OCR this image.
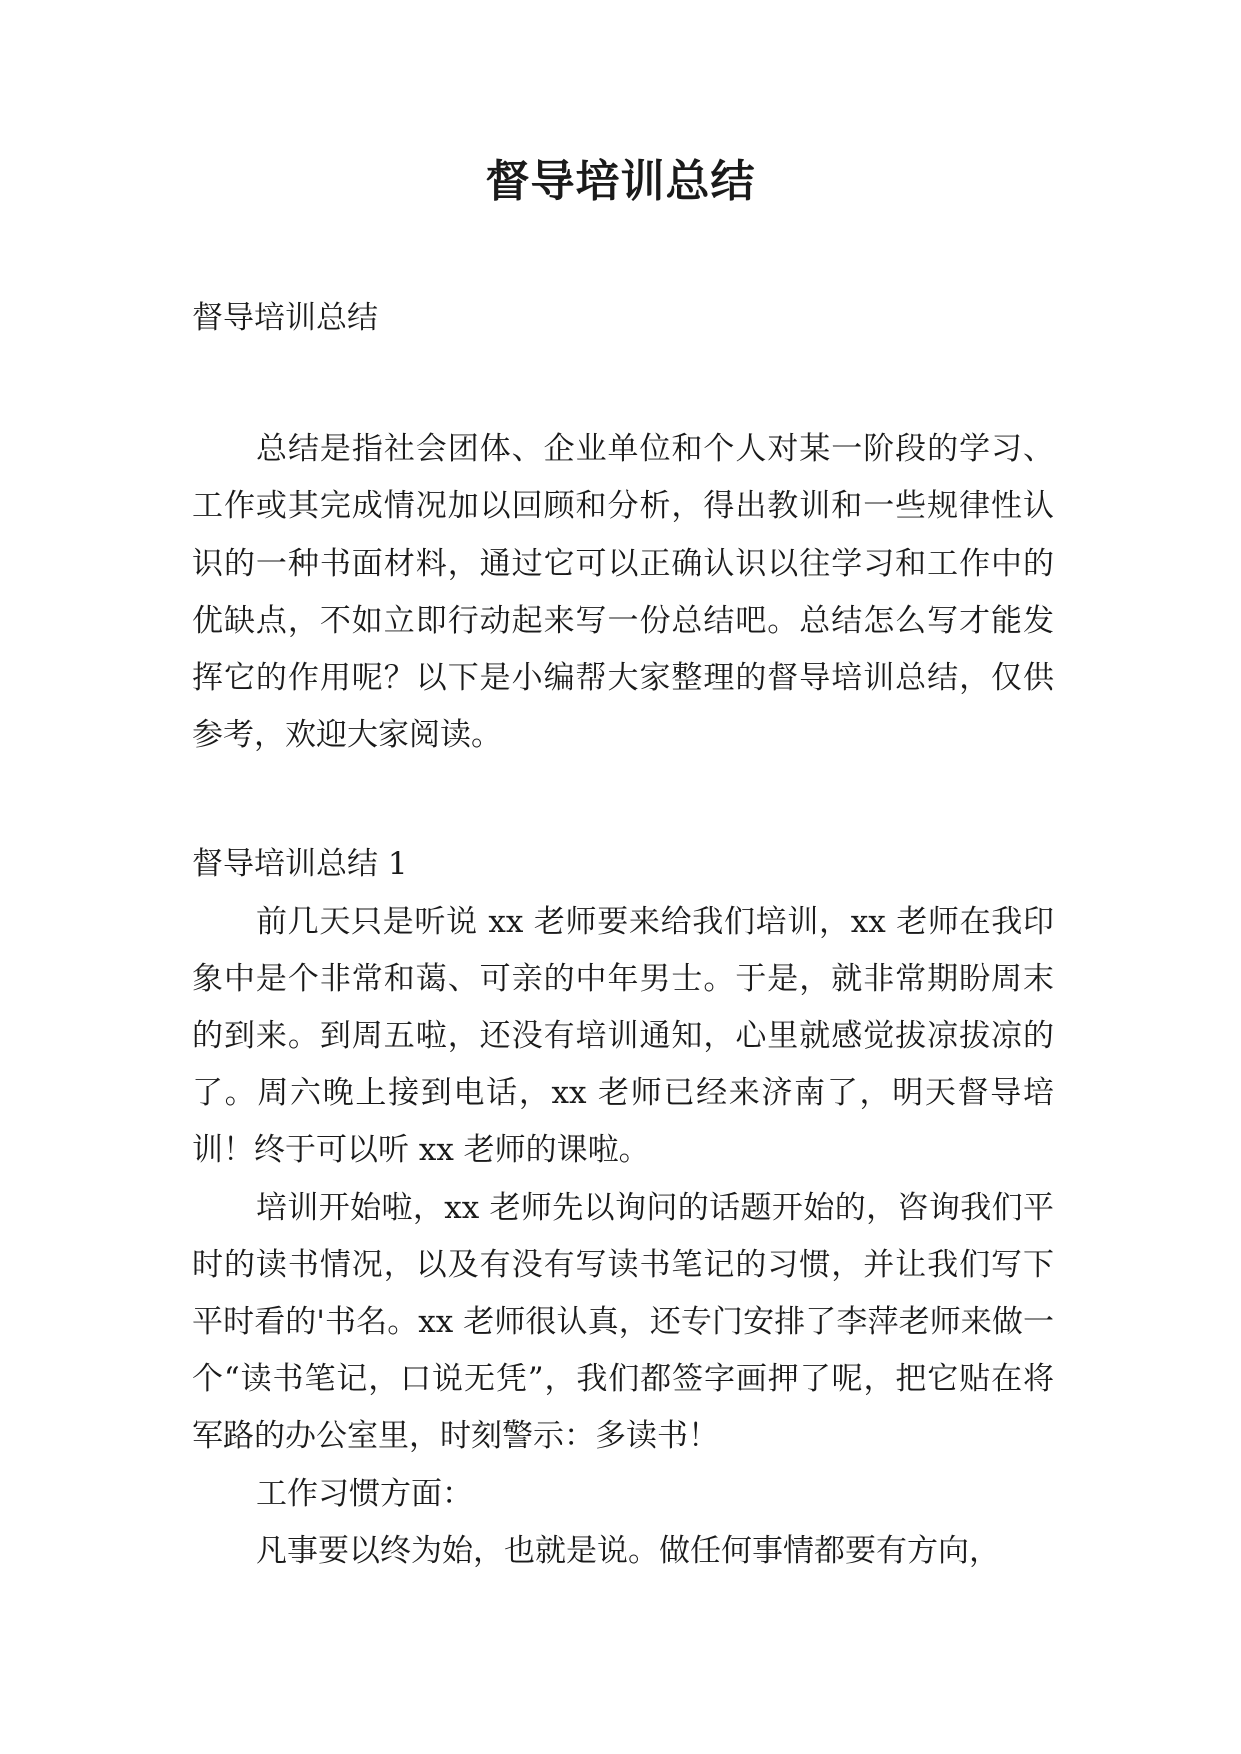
督导培训总结

督导培训总结

总结是指社会团体、企业单位和个人对某一阶段的学习、工作或其完成情况加以回顾和分析，得出教训和一些规律性认识的一种书面材料，通过它可以正确认识以往学习和工作中的优缺点，不如立即行动起来写一份总结吧。总结怎么写才能发挥它的作用呢？以下是小编帮大家整理的督导培训总结，仅供参考，欢迎大家阅读。

督导培训总结 1

前几天只是听说 xx 老师要来给我们培训，xx 老师在我印象中是个非常和蔼、可亲的中年男士。于是，就非常期盼周末的到来。到周五啦，还没有培训通知，心里就感觉拔凉拔凉的了。周六晚上接到电话，xx 老师已经来济南了，明天督导培训！终于可以听 xx 老师的课啦。

培训开始啦，xx 老师先以询问的话题开始的，咨询我们平时的读书情况，以及有没有写读书笔记的习惯，并让我们写下平时看的'书名。xx 老师很认真，还专门安排了李萍老师来做一个“读书笔记，口说无凭”，我们都签字画押了呢，把它贴在将军路的办公室里，时刻警示：多读书！

工作习惯方面：

凡事要以终为始，也就是说。做任何事情都要有方向，
